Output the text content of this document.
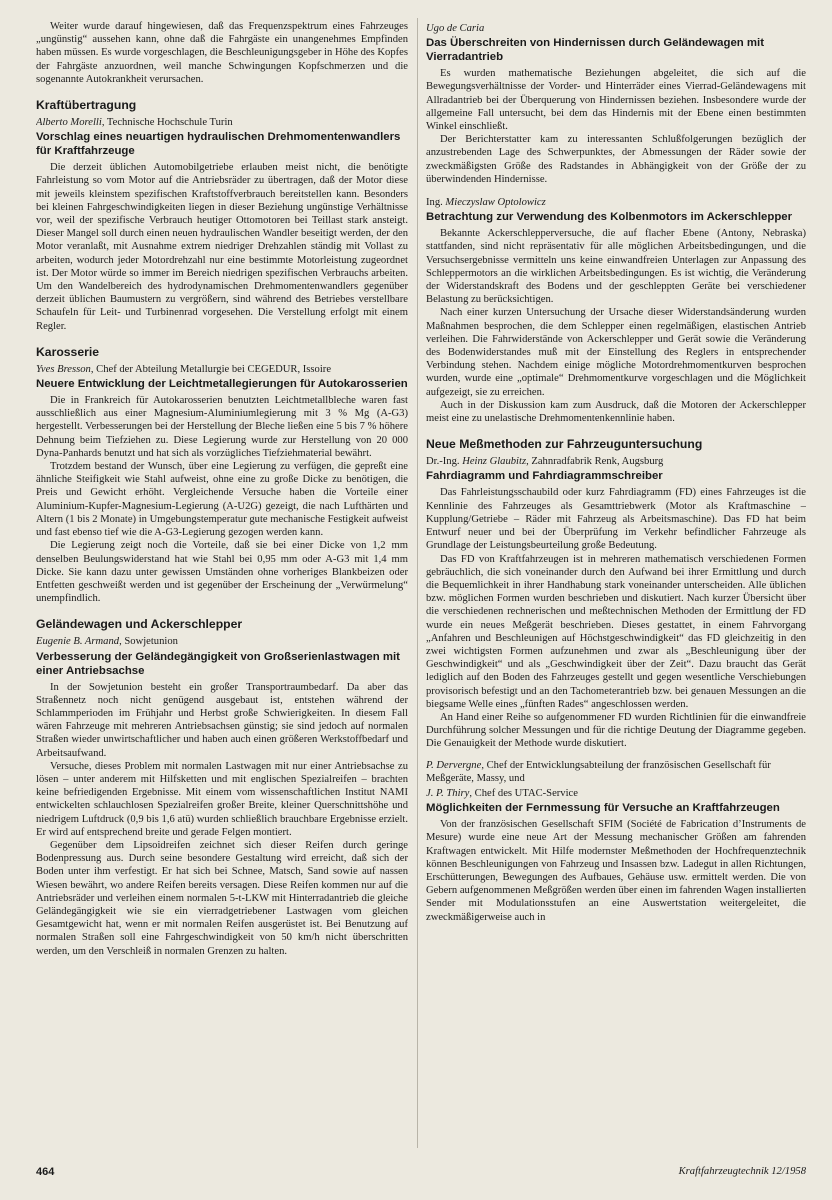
Weiter wurde darauf hingewiesen, daß das Frequenzspektrum eines Fahrzeuges „ungünstig“ aussehen kann, ohne daß die Fahrgäste ein unangenehmes Empfinden haben müssen. Es wurde vorgeschlagen, die Beschleunigungsgeber in Höhe des Kopfes der Fahrgäste anzuordnen, weil manche Schwingungen Kopfschmerzen und die sogenannte Autokrankheit verursachen.

Kraftübertragung
Alberto Morelli, Technische Hochschule Turin
Vorschlag eines neuartigen hydraulischen Drehmomentenwandlers für Kraftfahrzeuge

Die derzeit üblichen Automobilgetriebe erlauben meist nicht, die benötigte Fahrleistung so vom Motor auf die Antriebsräder zu übertragen, daß der Motor diese mit jeweils kleinstem spezifischen Kraftstoffverbrauch bereitstellen kann. Besonders bei kleinen Fahrgeschwindigkeiten liegen in dieser Beziehung ungünstige Verhältnisse vor, weil der spezifische Verbrauch heutiger Ottomotoren bei Teillast stark ansteigt. Dieser Mangel soll durch einen neuen hydraulischen Wandler beseitigt werden, der den Motor veranlaßt, mit Ausnahme extrem niedriger Drehzahlen ständig mit Vollast zu arbeiten, wodurch jeder Motordrehzahl nur eine bestimmte Motorleistung zugeordnet ist. Der Motor würde so immer im Bereich niedrigen spezifischen Verbrauchs arbeiten. Um den Wandelbereich des hydrodynamischen Drehmomentenwandlers gegenüber derzeit üblichen Baumustern zu vergrößern, sind während des Betriebes verstellbare Schaufeln für Leit- und Turbinenrad vorgesehen. Die Verstellung erfolgt mit einem Regler.

Karosserie
Yves Bresson, Chef der Abteilung Metallurgie bei CEGEDUR, Issoire
Neuere Entwicklung der Leichtmetallegierungen für Autokarosserien

Die in Frankreich für Autokarosserien benutzten Leichtmetallbleche waren fast ausschließlich aus einer Magnesium-Aluminiumlegierung mit 3 % Mg (A-G3) hergestellt. Verbesserungen bei der Herstellung der Bleche ließen eine 5 bis 7 % höhere Dehnung beim Tiefziehen zu. Diese Legierung wurde zur Herstellung von 20 000 Dyna-Panhards benutzt und hat sich als vorzügliches Tiefziehmaterial bewährt.

Trotzdem bestand der Wunsch, über eine Legierung zu verfügen, die gepreßt eine ähnliche Steifigkeit wie Stahl aufweist, ohne eine zu große Dicke zu benötigen, die Preis und Gewicht erhöht. Vergleichende Versuche haben die Vorteile einer Aluminium-Kupfer-Magnesium-Legierung (A-U2G) gezeigt, die nach Lufthärten und Altern (1 bis 2 Monate) in Umgebungstemperatur gute mechanische Festigkeit aufweist und fast ebenso tief wie die A-G3-Legierung gezogen werden kann.

Die Legierung zeigt noch die Vorteile, daß sie bei einer Dicke von 1,2 mm denselben Beulungswiderstand hat wie Stahl bei 0,95 mm oder A-G3 mit 1,4 mm Dicke. Sie kann dazu unter gewissen Umständen ohne vorheriges Blankbeizen oder Entfetten geschweißt werden und ist gegenüber der Erscheinung der „Verwürmelung“ unempfindlich.

Geländewagen und Ackerschlepper
Eugenie B. Armand, Sowjetunion
Verbesserung der Geländegängigkeit von Großserienlastwagen mit einer Antriebsachse

In der Sowjetunion besteht ein großer Transportraumbedarf. Da aber das Straßennetz noch nicht genügend ausgebaut ist, entstehen während der Schlammperioden im Frühjahr und Herbst große Schwierigkeiten. In diesem Fall wären Fahrzeuge mit mehreren Antriebsachsen günstig; sie sind jedoch auf normalen Straßen wieder unwirtschaftlicher und haben auch einen größeren Werkstoffbedarf und Arbeitsaufwand.

Versuche, dieses Problem mit normalen Lastwagen mit nur einer Antriebsachse zu lösen – unter anderem mit Hilfsketten und mit englischen Spezialreifen – brachten keine befriedigenden Ergebnisse. Mit einem vom wissenschaftlichen Institut NAMI entwickelten schlauchlosen Spezialreifen großer Breite, kleiner Querschnittshöhe und niedrigem Luftdruck (0,9 bis 1,6 atü) wurden schließlich brauchbare Ergebnisse erzielt. Er wird auf entsprechend breite und gerade Felgen montiert.

Gegenüber dem Lipsoidreifen zeichnet sich dieser Reifen durch geringe Bodenpressung aus. Durch seine besondere Gestaltung wird erreicht, daß sich der Boden unter ihm verfestigt. Er hat sich bei Schnee, Matsch, Sand sowie auf nassen Wiesen bewährt, wo andere Reifen bereits versagen. Diese Reifen kommen nur auf die Antriebsräder und verleihen einem normalen 5-t-LKW mit Hinterradantrieb die gleiche Geländegängigkeit wie sie ein vierradgetriebener Lastwagen vom gleichen Gesamtgewicht hat, wenn er mit normalen Reifen ausgerüstet ist. Bei Benutzung auf normalen Straßen soll eine Fahrgeschwindigkeit von 50 km/h nicht überschritten werden, um den Verschleiß in normalen Grenzen zu halten.

Ugo de Caria
Das Überschreiten von Hindernissen durch Geländewagen mit Vierradantrieb

Es wurden mathematische Beziehungen abgeleitet, die sich auf die Bewegungsverhältnisse der Vorder- und Hinterräder eines Vierrad-Geländewagens mit Allradantrieb bei der Überquerung von Hindernissen beziehen. Insbesondere wurde der allgemeine Fall untersucht, bei dem das Hindernis mit der Ebene einen bestimmten Winkel einschließt.

Der Berichterstatter kam zu interessanten Schlußfolgerungen bezüglich der anzustrebenden Lage des Schwerpunktes, der Abmessungen der Räder sowie der zweckmäßigsten Größe des Radstandes in Abhängigkeit von der Größe der zu überwindenden Hindernisse.

Ing. Mieczyslaw Optolowicz
Betrachtung zur Verwendung des Kolbenmotors im Ackerschlepper

Bekannte Ackerschlepperversuche, die auf flacher Ebene (Antony, Nebraska) stattfanden, sind nicht repräsentativ für alle möglichen Arbeitsbedingungen, und die Versuchsergebnisse vermitteln uns keine einwandfreien Unterlagen zur Anpassung des Schleppermotors an die wirklichen Arbeitsbedingungen. Es ist wichtig, die Veränderung der Widerstandskraft des Bodens und der geschleppten Geräte bei verschiedener Belastung zu berücksichtigen.

Nach einer kurzen Untersuchung der Ursache dieser Widerstandsänderung wurden Maßnahmen besprochen, die dem Schlepper einen regelmäßigen, elastischen Antrieb verleihen. Die Fahrwiderstände von Ackerschlepper und Gerät sowie die Veränderung des Bodenwiderstandes muß mit der Einstellung des Reglers in entsprechender Verbindung stehen. Nachdem einige mögliche Motordrehmomentkurven besprochen wurden, wurde eine „optimale“ Drehmomentkurve vorgeschlagen und die Möglichkeit aufgezeigt, sie zu erreichen.

Auch in der Diskussion kam zum Ausdruck, daß die Motoren der Ackerschlepper meist eine zu unelastische Drehmomentenkennlinie haben.

Neue Meßmethoden zur Fahrzeuguntersuchung
Dr.-Ing. Heinz Glaubitz, Zahnradfabrik Renk, Augsburg
Fahrdiagramm und Fahrdiagrammschreiber

Das Fahrleistungsschaubild oder kurz Fahrdiagramm (FD) eines Fahrzeuges ist die Kennlinie des Fahrzeuges als Gesamttriebwerk (Motor als Kraftmaschine – Kupplung/Getriebe – Räder mit Fahrzeug als Arbeitsmaschine). Das FD hat beim Entwurf neuer und bei der Überprüfung im Verkehr befindlicher Fahrzeuge als Grundlage der Leistungsbeurteilung große Bedeutung.

Das FD von Kraftfahrzeugen ist in mehreren mathematisch verschiedenen Formen gebräuchlich, die sich voneinander durch den Aufwand bei ihrer Ermittlung und durch die Bequemlichkeit in ihrer Handhabung stark voneinander unterscheiden. Alle üblichen bzw. möglichen Formen wurden beschrieben und diskutiert. Nach kurzer Übersicht über die verschiedenen rechnerischen und meßtechnischen Methoden der Ermittlung der FD wurde ein neues Meßgerät beschrieben. Dieses gestattet, in einem Fahrvorgang „Anfahren und Beschleunigen auf Höchstgeschwindigkeit“ das FD gleichzeitig in den zwei wichtigsten Formen aufzunehmen und zwar als „Beschleunigung über der Geschwindigkeit“ und als „Geschwindigkeit über der Zeit“. Dazu braucht das Gerät lediglich auf den Boden des Fahrzeuges gestellt und gegen wesentliche Verschiebungen provisorisch befestigt und an den Tachometerantrieb bzw. bei genauen Messungen an die biegsame Welle eines „fünften Rades“ angeschlossen werden.

An Hand einer Reihe so aufgenommener FD wurden Richtlinien für die einwandfreie Durchführung solcher Messungen und für die richtige Deutung der Diagramme gegeben. Die Genauigkeit der Methode wurde diskutiert.

P. Dervergne, Chef der Entwicklungsabteilung der französischen Gesellschaft für Meßgeräte, Massy, und
J. P. Thiry, Chef des UTAC-Service
Möglichkeiten der Fernmessung für Versuche an Kraftfahrzeugen

Von der französischen Gesellschaft SFIM (Société de Fabrication d’Instruments de Mesure) wurde eine neue Art der Messung mechanischer Größen am fahrenden Kraftwagen entwickelt. Mit Hilfe modernster Meßmethoden der Hochfrequenztechnik können Beschleunigungen von Fahrzeug und Insassen bzw. Ladegut in allen Richtungen, Erschütterungen, Bewegungen des Aufbaues, Gehäuse usw. ermittelt werden. Die von Gebern aufgenommenen Meßgrößen werden über einen im fahrenden Wagen installierten Sender mit Modulationsstufen an eine Auswertstation weitergeleitet, die zweckmäßigerweise auch in

464	Kraftfahrzeugtechnik 12/1958
